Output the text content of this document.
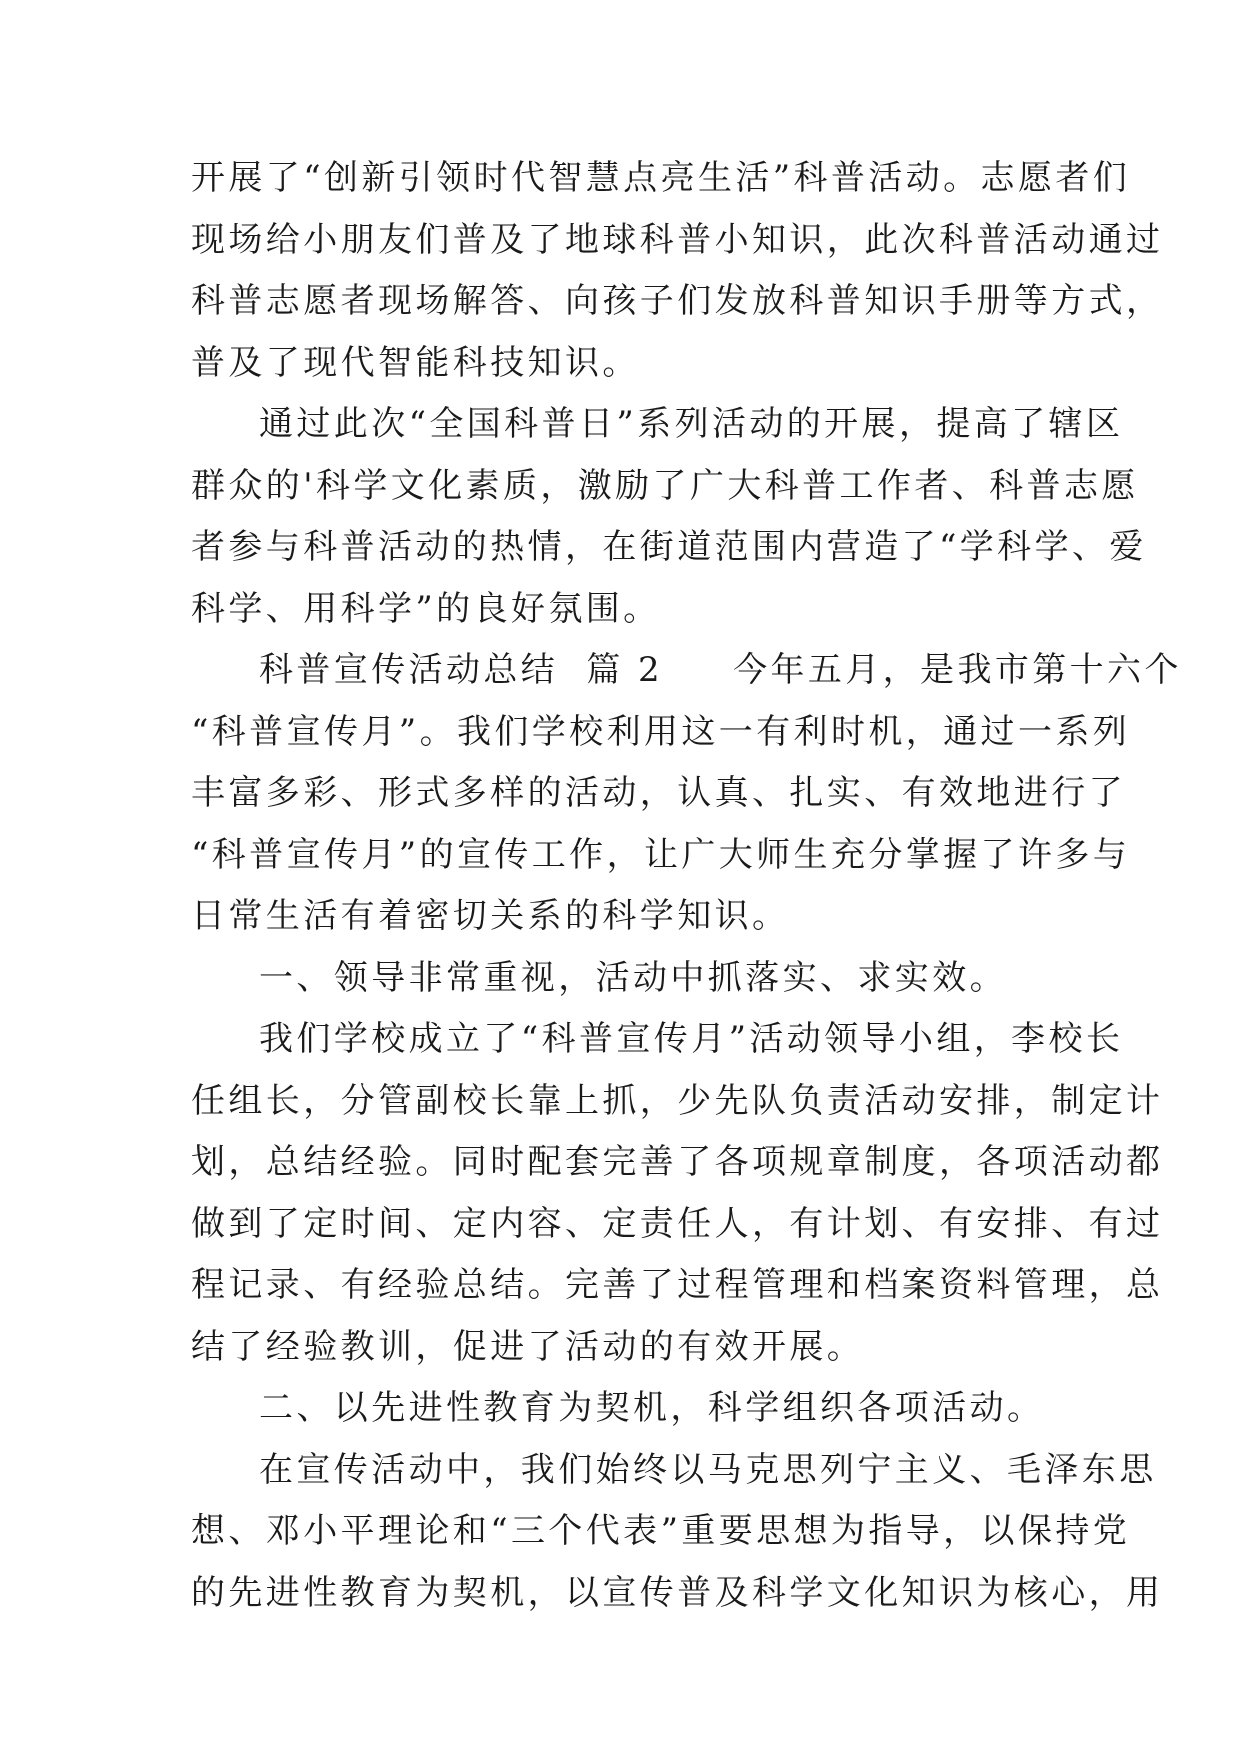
开展了“创新引领时代智慧点亮生活”科普活动。志愿者们
现场给小朋友们普及了地球科普小知识，此次科普活动通过
科普志愿者现场解答、向孩子们发放科普知识手册等方式，
普及了现代智能科技知识。
通过此次“全国科普日”系列活动的开展，提高了辖区
群众的'科学文化素质，激励了广大科普工作者、科普志愿
者参与科普活动的热情，在街道范围内营造了“学科学、爱
科学、用科学”的良好氛围。
科普宣传活动总结 篇 2 今年五月，是我市第十六个
“科普宣传月”。我们学校利用这一有利时机，通过一系列
丰富多彩、形式多样的活动，认真、扎实、有效地进行了
“科普宣传月”的宣传工作，让广大师生充分掌握了许多与
日常生活有着密切关系的科学知识。
一、领导非常重视，活动中抓落实、求实效。
我们学校成立了“科普宣传月”活动领导小组，李校长
任组长，分管副校长靠上抓，少先队负责活动安排，制定计
划，总结经验。同时配套完善了各项规章制度，各项活动都
做到了定时间、定内容、定责任人，有计划、有安排、有过
程记录、有经验总结。完善了过程管理和档案资料管理，总
结了经验教训，促进了活动的有效开展。
二、以先进性教育为契机，科学组织各项活动。
在宣传活动中，我们始终以马克思列宁主义、毛泽东思
想、邓小平理论和“三个代表”重要思想为指导，以保持党
的先进性教育为契机，以宣传普及科学文化知识为核心，用
